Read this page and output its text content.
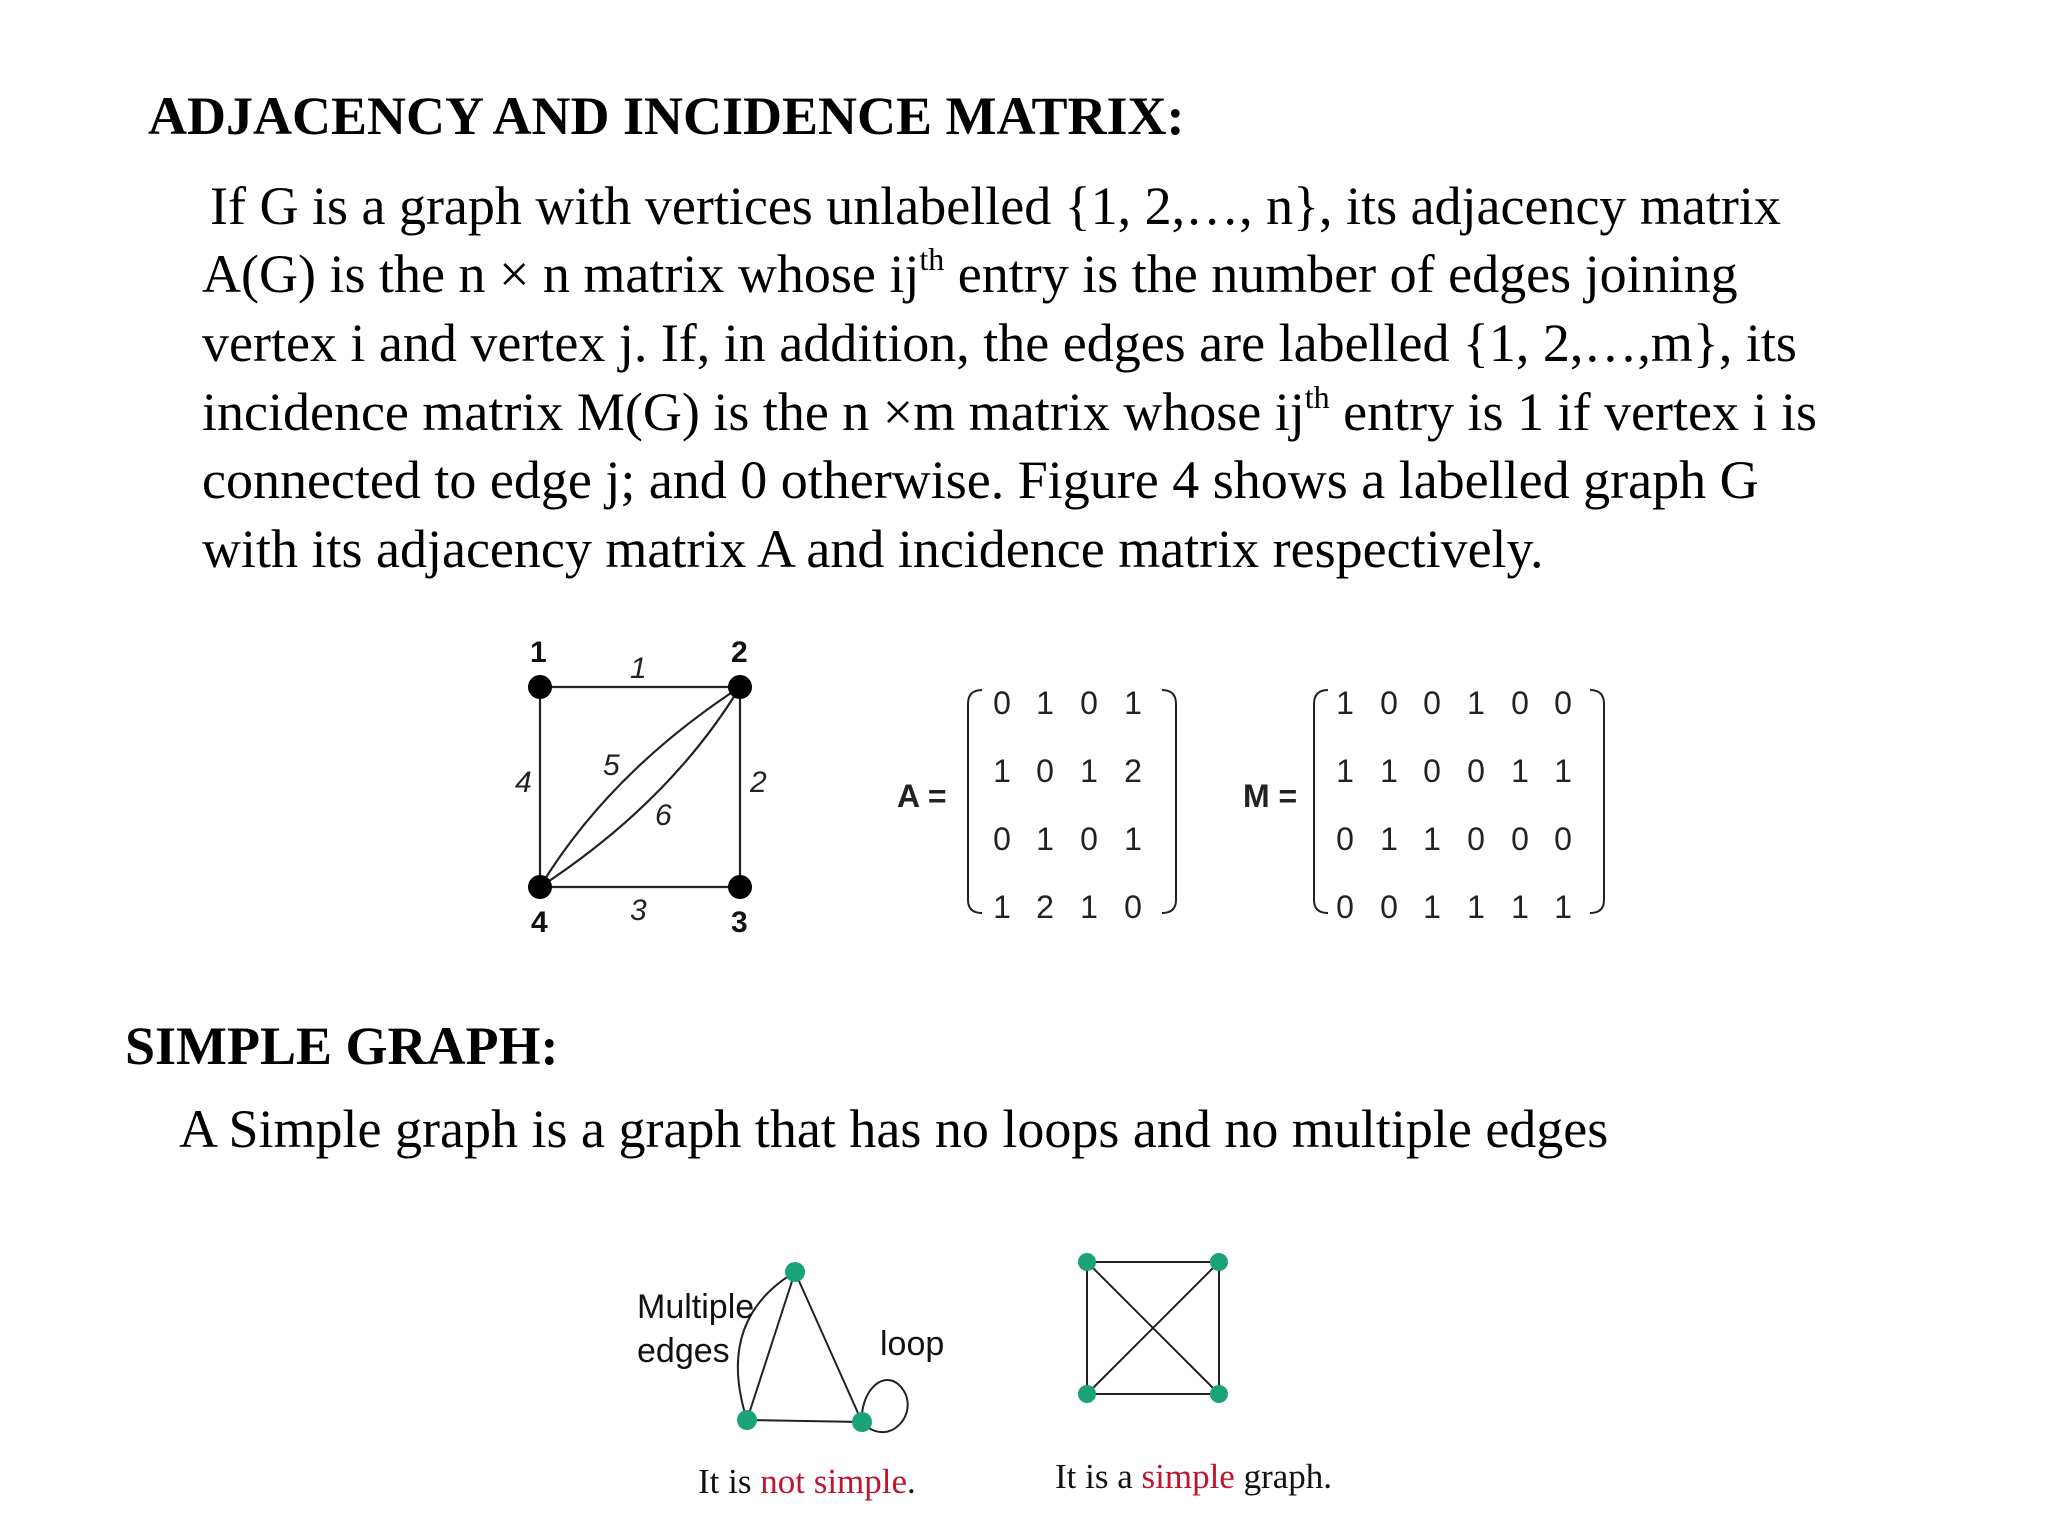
ADJACENCY AND INCIDENCE MATRIX:
If G is a graph with vertices unlabelled {1, 2,…, n}, its adjacency matrix
A(G) is the n × n matrix whose $ij^{th}$ entry is the number of edges joining
vertex i and vertex j. If, in addition, the edges are labelled {1, 2,…,m}, its
incidence matrix M(G) is the n ×m matrix whose $ij^{th}$ entry is 1 if vertex i is
connected to edge j; and 0 otherwise. Figure 4 shows a labelled graph G
with its adjacency matrix A and incidence matrix respectively.
1	2
3
4
1
2
3
4
5
6
A =
0 1 0 1
1 0 1 2
0 1 0 1
1 2 1 0
M =
1 0 0 1 0 0
1 1 0 0 1 1
0 1 1 0 0 0
0 0 1 1 1 1
Multiple
edges	loop
It is not simple.	It is a simple graph.
SIMPLE GRAPH:
A Simple graph is a graph that has no loops and no multiple edges
